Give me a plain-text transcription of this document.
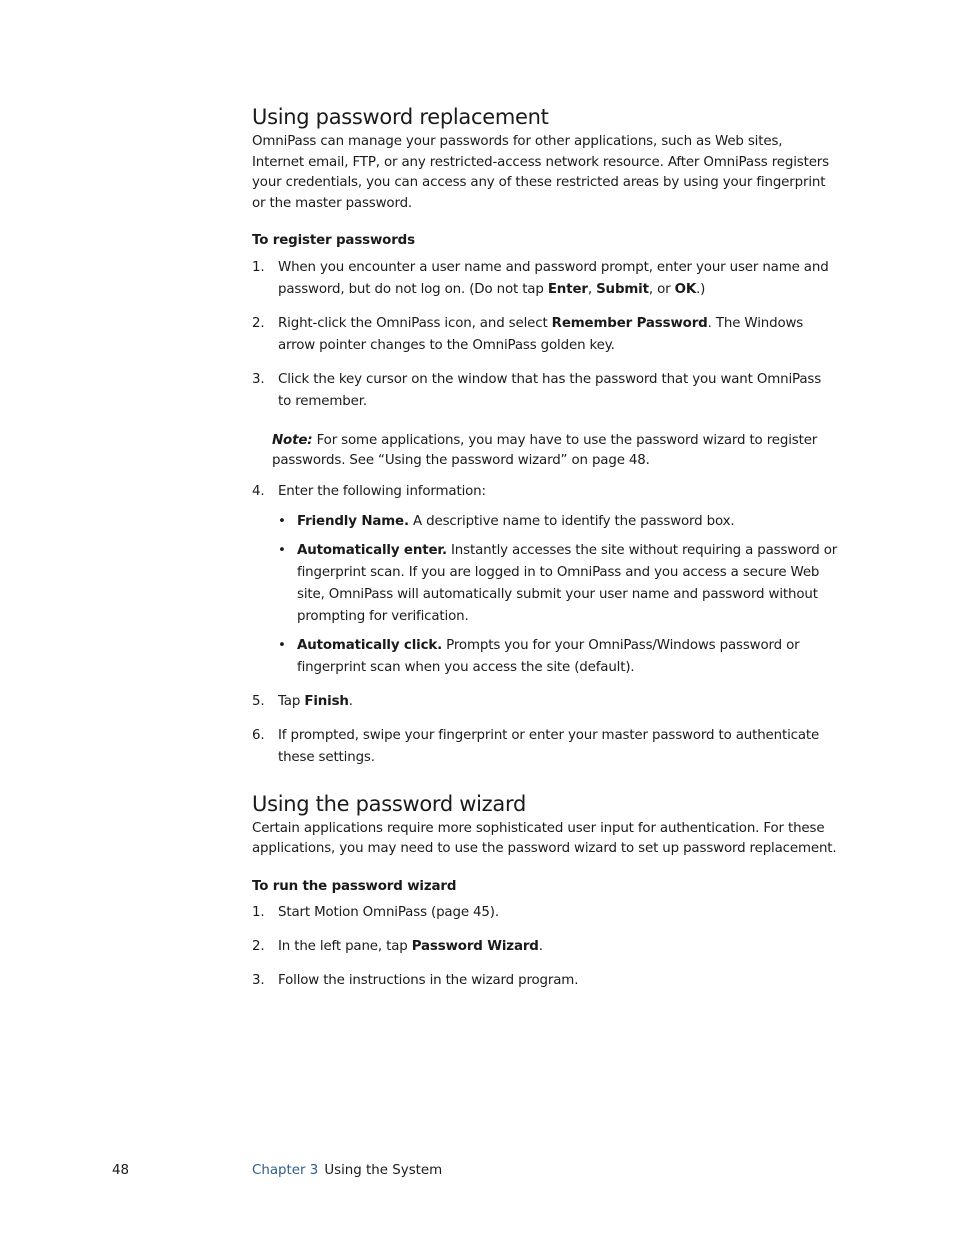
Using password replacement

OmniPass can manage your passwords for other applications, such as Web sites, Internet email, FTP, or any restricted-access network resource. After OmniPass registers your credentials, you can access any of these restricted areas by using your fingerprint or the master password.

To register passwords
1. When you encounter a user name and password prompt, enter your user name and password, but do not log on. (Do not tap Enter, Submit, or OK.)
2. Right-click the OmniPass icon, and select Remember Password. The Windows arrow pointer changes to the OmniPass golden key.
3. Click the key cursor on the window that has the password that you want OmniPass to remember.

Note: For some applications, you may have to use the password wizard to register passwords. See “Using the password wizard” on page 48.

4. Enter the following information:
• Friendly Name. A descriptive name to identify the password box.
• Automatically enter. Instantly accesses the site without requiring a password or fingerprint scan. If you are logged in to OmniPass and you access a secure Web site, OmniPass will automatically submit your user name and password without prompting for verification.
• Automatically click. Prompts you for your OmniPass/Windows password or fingerprint scan when you access the site (default).
5. Tap Finish.
6. If prompted, swipe your fingerprint or enter your master password to authenticate these settings.
Using the password wizard

Certain applications require more sophisticated user input for authentication. For these applications, you may need to use the password wizard to set up password replacement.

To run the password wizard
1. Start Motion OmniPass (page 45).
2. In the left pane, tap Password Wizard.
3. Follow the instructions in the wizard program.
48	Chapter 3 Using the System
